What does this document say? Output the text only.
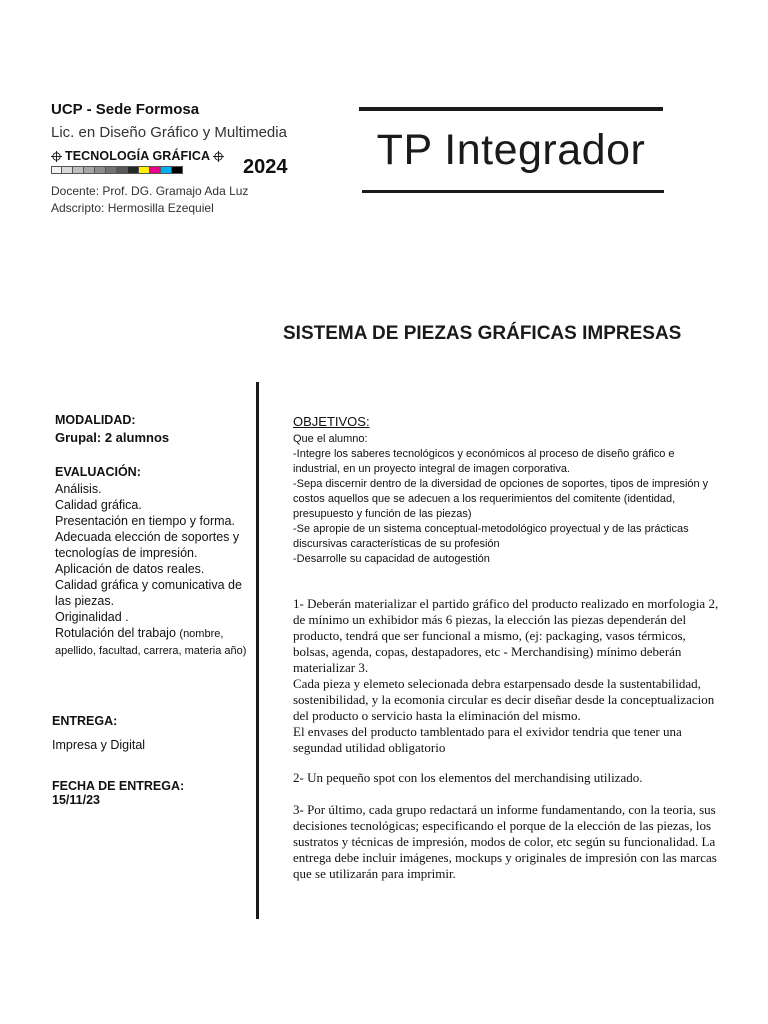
UCP - Sede Formosa
Lic. en Diseño Gráfico y Multimedia
TECNOLOGÍA GRÁFICA 2024
Docente: Prof. DG. Gramajo Ada Luz
Adscripto: Hermosilla Ezequiel
TP Integrador
SISTEMA DE PIEZAS GRÁFICAS IMPRESAS
MODALIDAD:
Grupal: 2 alumnos
EVALUACIÓN:
Análisis.
Calidad gráfica.
Presentación en tiempo y forma.
Adecuada elección de soportes y tecnologías de impresión.
Aplicación de datos reales.
Calidad gráfica y comunicativa de las piezas.
Originalidad .
Rotulación del trabajo (nombre, apellido, facultad, carrera, materia año)
ENTREGA:
Impresa y Digital
FECHA DE ENTREGA:
15/11/23
OBJETIVOS:
Que el alumno:
-Integre los saberes tecnológicos y económicos al proceso de diseño gráfico e industrial, en un proyecto integral de imagen corporativa.
-Sepa discernir dentro de la diversidad de opciones de soportes, tipos de impresión y costos aquellos que se adecuen a los requerimientos del comitente (identidad, presupuesto y función de las piezas)
-Se apropie de un sistema conceptual-metodológico proyectual y de las prácticas discursivas características de su profesión
-Desarrolle su capacidad de autogestión
1- Deberán materializar el partido gráfico del producto realizado en morfologia 2, de mínimo un exhibidor más 6 piezas, la elección las piezas dependerán del producto, tendrá que ser funcional a mismo, (ej: packaging, vasos térmicos, bolsas, agenda, copas, destapadores, etc - Merchandising) mínimo deberán materializar 3.
Cada pieza y elemeto selecionada debra estarpensado desde la sustentabilidad, sostenibilidad, y la ecomonia circular es decir diseñar desde la conceptualizacion del producto o servicio hasta la eliminación del mismo.
El envases del producto tamblentado para el exividor tendria que tener una segundad utilidad obligatorio
2- Un pequeño spot con los elementos del merchandising utilizado.
3- Por último, cada grupo redactará un informe fundamentando, con la teoria, sus decisiones tecnológicas; especificando el porque de la elección de las piezas, los sustratos y técnicas de impresión, modos de color, etc según su funcionalidad. La entrega debe incluir imágenes, mockups y originales de impresión con las marcas que se utilizarán para imprimir.
